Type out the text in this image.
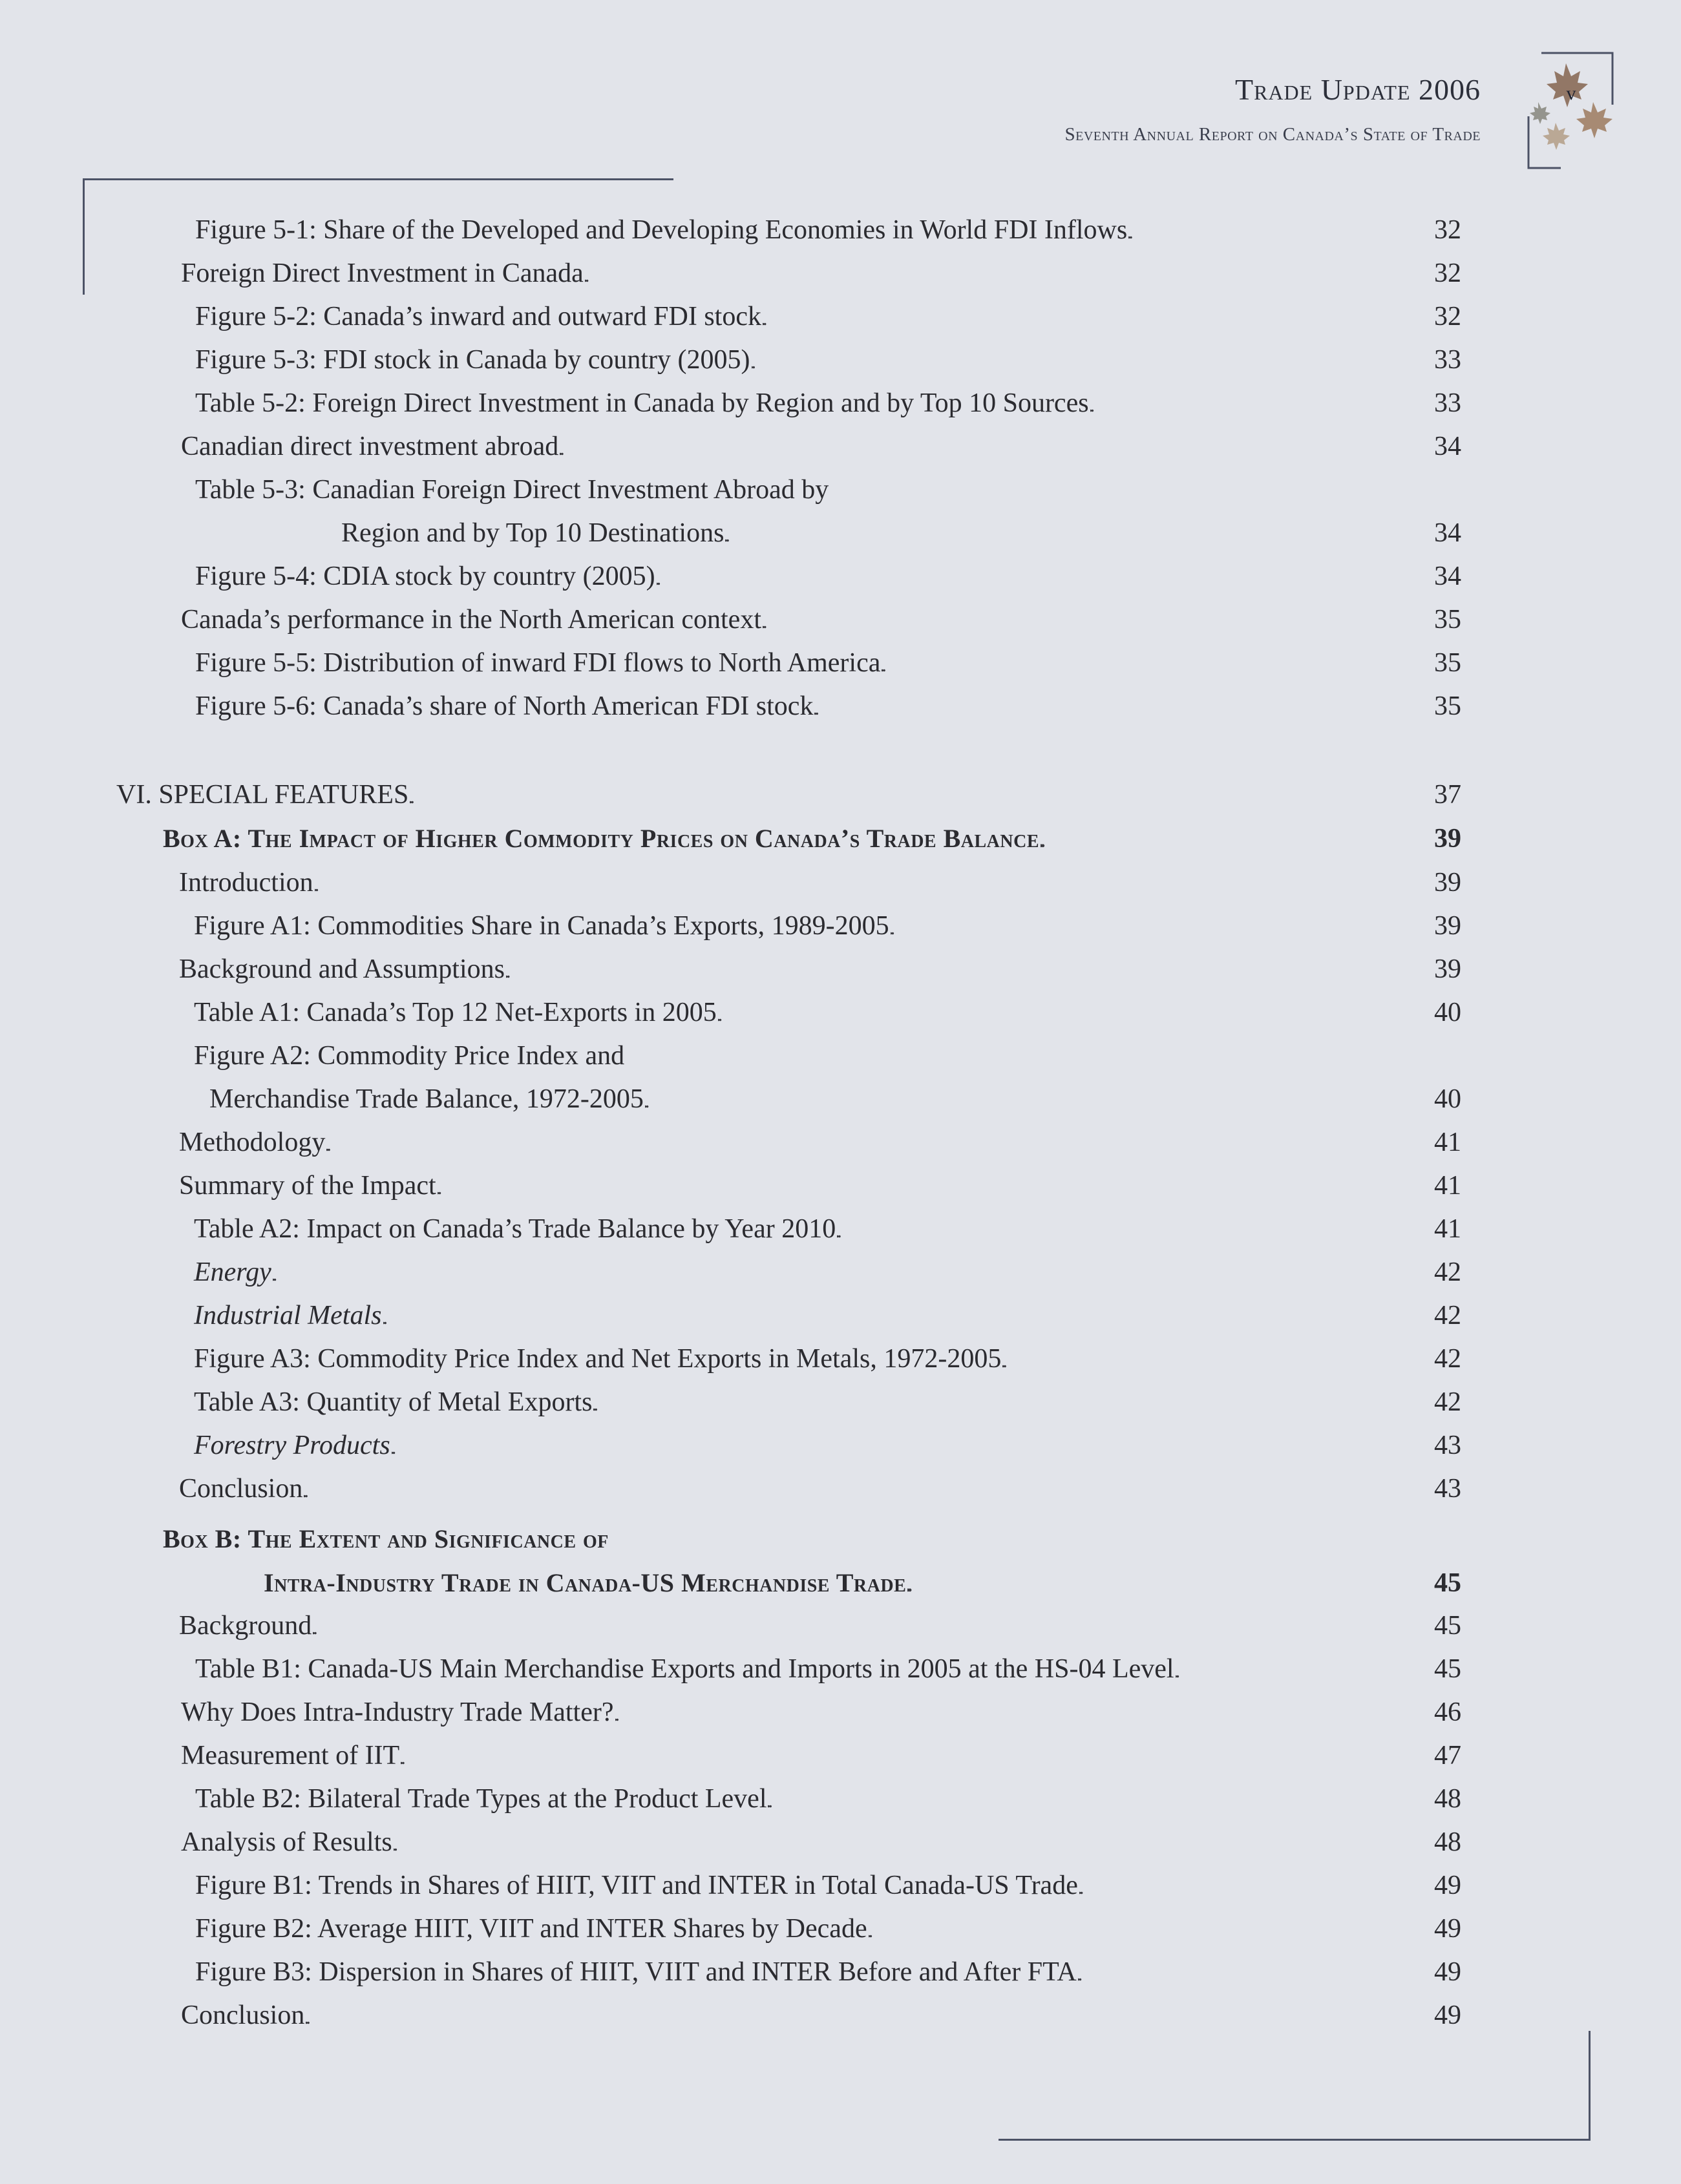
Trade Update 2006
Seventh Annual Report on Canada’s State of Trade
v
Figure 5-1: Share of the Developed and Developing Economies in World FDI Inflows . . .	32
Foreign Direct Investment in Canada . . .	32
Figure 5-2: Canada’s inward and outward FDI stock . . .	32
Figure 5-3: FDI stock in Canada by country (2005) . . .	33
Table 5-2: Foreign Direct Investment in Canada by Region and by Top 10 Sources . . .	33
Canadian direct investment abroad . . .	34
Table 5-3: Canadian Foreign Direct Investment Abroad by
Region and by Top 10 Destinations . . .	34
Figure 5-4: CDIA stock by country (2005) . . .	34
Canada’s performance in the North American context . . .	35
Figure 5-5: Distribution of inward FDI flows to North America . . .	35
Figure 5-6: Canada’s share of North American FDI stock . . .	35
VI. SPECIAL FEATURES . . .	37
Box A: The Impact of Higher Commodity Prices on Canada’s Trade Balance . . .	39
Introduction . . .	39
Figure A1: Commodities Share in Canada’s Exports, 1989-2005 . . .	39
Background and Assumptions . . .	39
Table A1: Canada’s Top 12 Net-Exports in 2005 . . .	40
Figure A2: Commodity Price Index and
Merchandise Trade Balance, 1972-2005 . . .	40
Methodology . . .	41
Summary of the Impact . . .	41
Table A2: Impact on Canada’s Trade Balance by Year 2010 . . .	41
Energy . . .	42
Industrial Metals . . .	42
Figure A3: Commodity Price Index and Net Exports in Metals, 1972-2005 . . .	42
Table A3: Quantity of Metal Exports . . .	42
Forestry Products . . .	43
Conclusion . . .	43
Box B: The Extent and Significance of
Intra-Industry Trade in Canada-US Merchandise Trade . . .	45
Background . . .	45
Table B1: Canada-US Main Merchandise Exports and Imports in 2005 at the HS-04 Level . . .	45
Why Does Intra-Industry Trade Matter? . . .	46
Measurement of IIT . . .	47
Table B2: Bilateral Trade Types at the Product Level . . .	48
Analysis of Results . . .	48
Figure B1: Trends in Shares of HIIT, VIIT and INTER in Total Canada-US Trade . . .	49
Figure B2: Average HIIT, VIIT and INTER Shares by Decade . . .	49
Figure B3: Dispersion in Shares of HIIT, VIIT and INTER Before and After FTA . . .	49
Conclusion . . .	49
